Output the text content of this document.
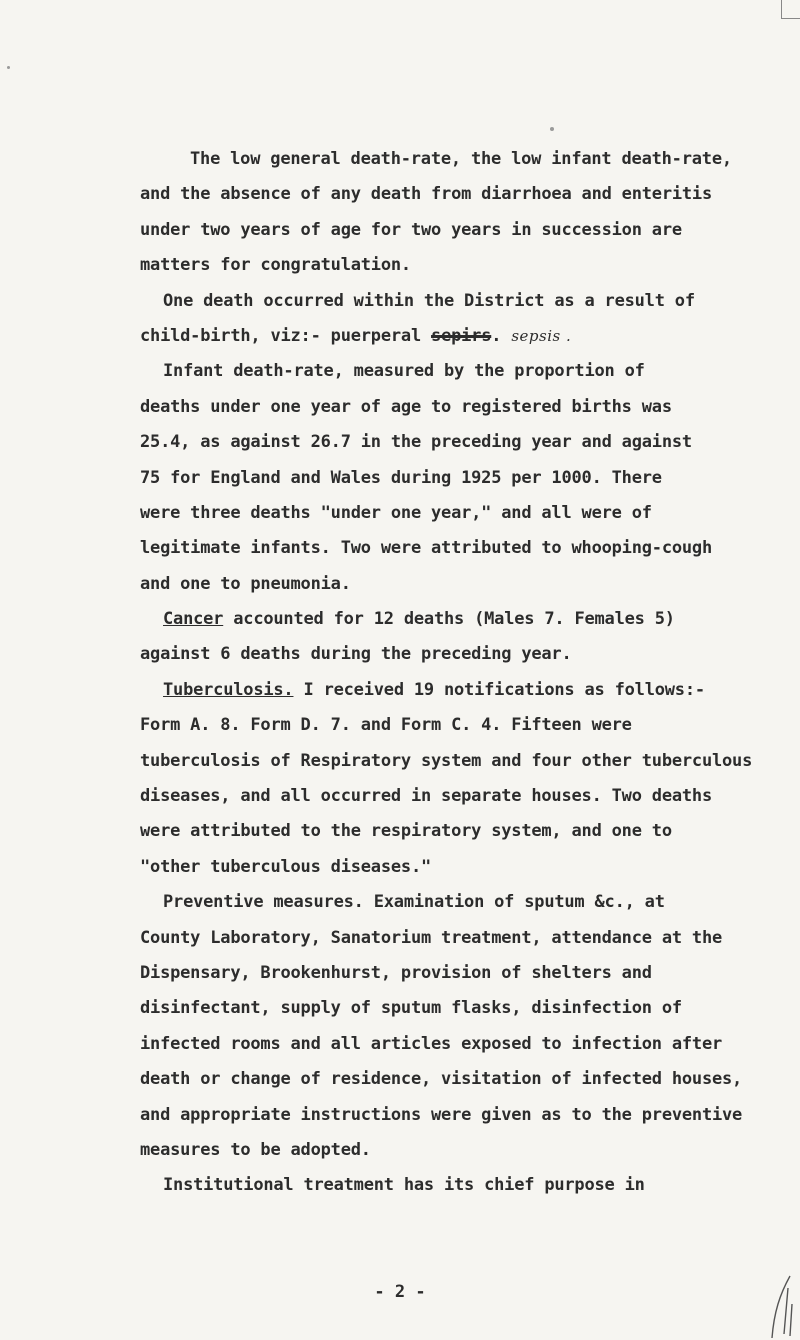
The low general death-rate, the low infant death-rate,
and the absence of any death from diarrhoea and enteritis
under two years of age for two years in succession are
matters for congratulation.
One death occurred within the District as a result of
child-birth, viz:- puerperal sepirs. sepsis .
Infant death-rate, measured by the proportion of
deaths under one year of age to registered births was
25.4, as against 26.7 in the preceding year and against
75 for England and Wales during 1925 per 1000. There
were three deaths "under one year," and all were of
legitimate infants. Two were attributed to whooping-cough
and one to pneumonia.
Cancer accounted for 12 deaths (Males 7. Females 5)
against 6 deaths during the preceding year.
Tuberculosis. I received 19 notifications as follows:-
Form A. 8. Form D. 7. and Form C. 4. Fifteen were
tuberculosis of Respiratory system and four other tuberculous
diseases, and all occurred in separate houses. Two deaths
were attributed to the respiratory system, and one to
"other tuberculous diseases."
Preventive measures. Examination of sputum &c., at
County Laboratory, Sanatorium treatment, attendance at the
Dispensary, Brookenhurst, provision of shelters and
disinfectant, supply of sputum flasks, disinfection of
infected rooms and all articles exposed to infection after
death or change of residence, visitation of infected houses,
and appropriate instructions were given as to the preventive
measures to be adopted.
Institutional treatment has its chief purpose in
- 2 -
